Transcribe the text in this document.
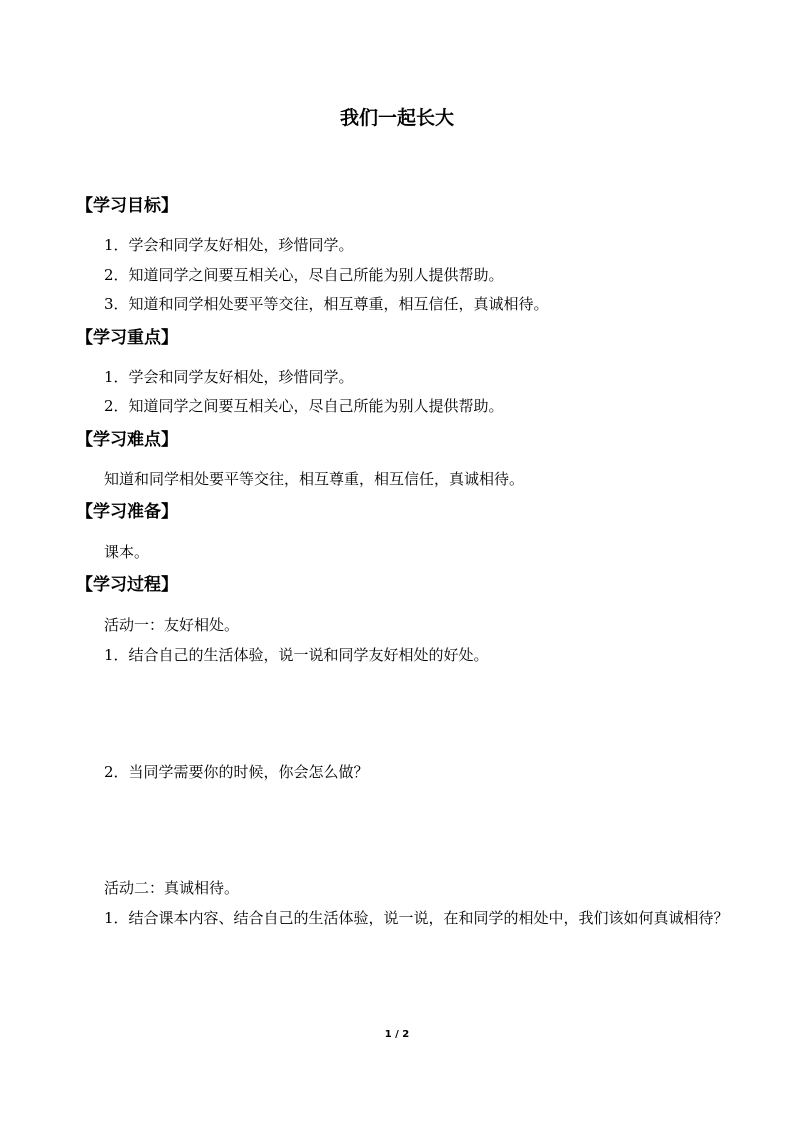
我们一起长大
【学习目标】
1．学会和同学友好相处，珍惜同学。
2．知道同学之间要互相关心，尽自己所能为别人提供帮助。
3．知道和同学相处要平等交往，相互尊重，相互信任，真诚相待。
【学习重点】
1．学会和同学友好相处，珍惜同学。
2．知道同学之间要互相关心，尽自己所能为别人提供帮助。
【学习难点】
知道和同学相处要平等交往，相互尊重，相互信任，真诚相待。
【学习准备】
课本。
【学习过程】
活动一：友好相处。
1．结合自己的生活体验，说一说和同学友好相处的好处。
2．当同学需要你的时候，你会怎么做？
活动二：真诚相待。
1．结合课本内容、结合自己的生活体验，说一说，在和同学的相处中，我们该如何真诚相待？
1 / 2
